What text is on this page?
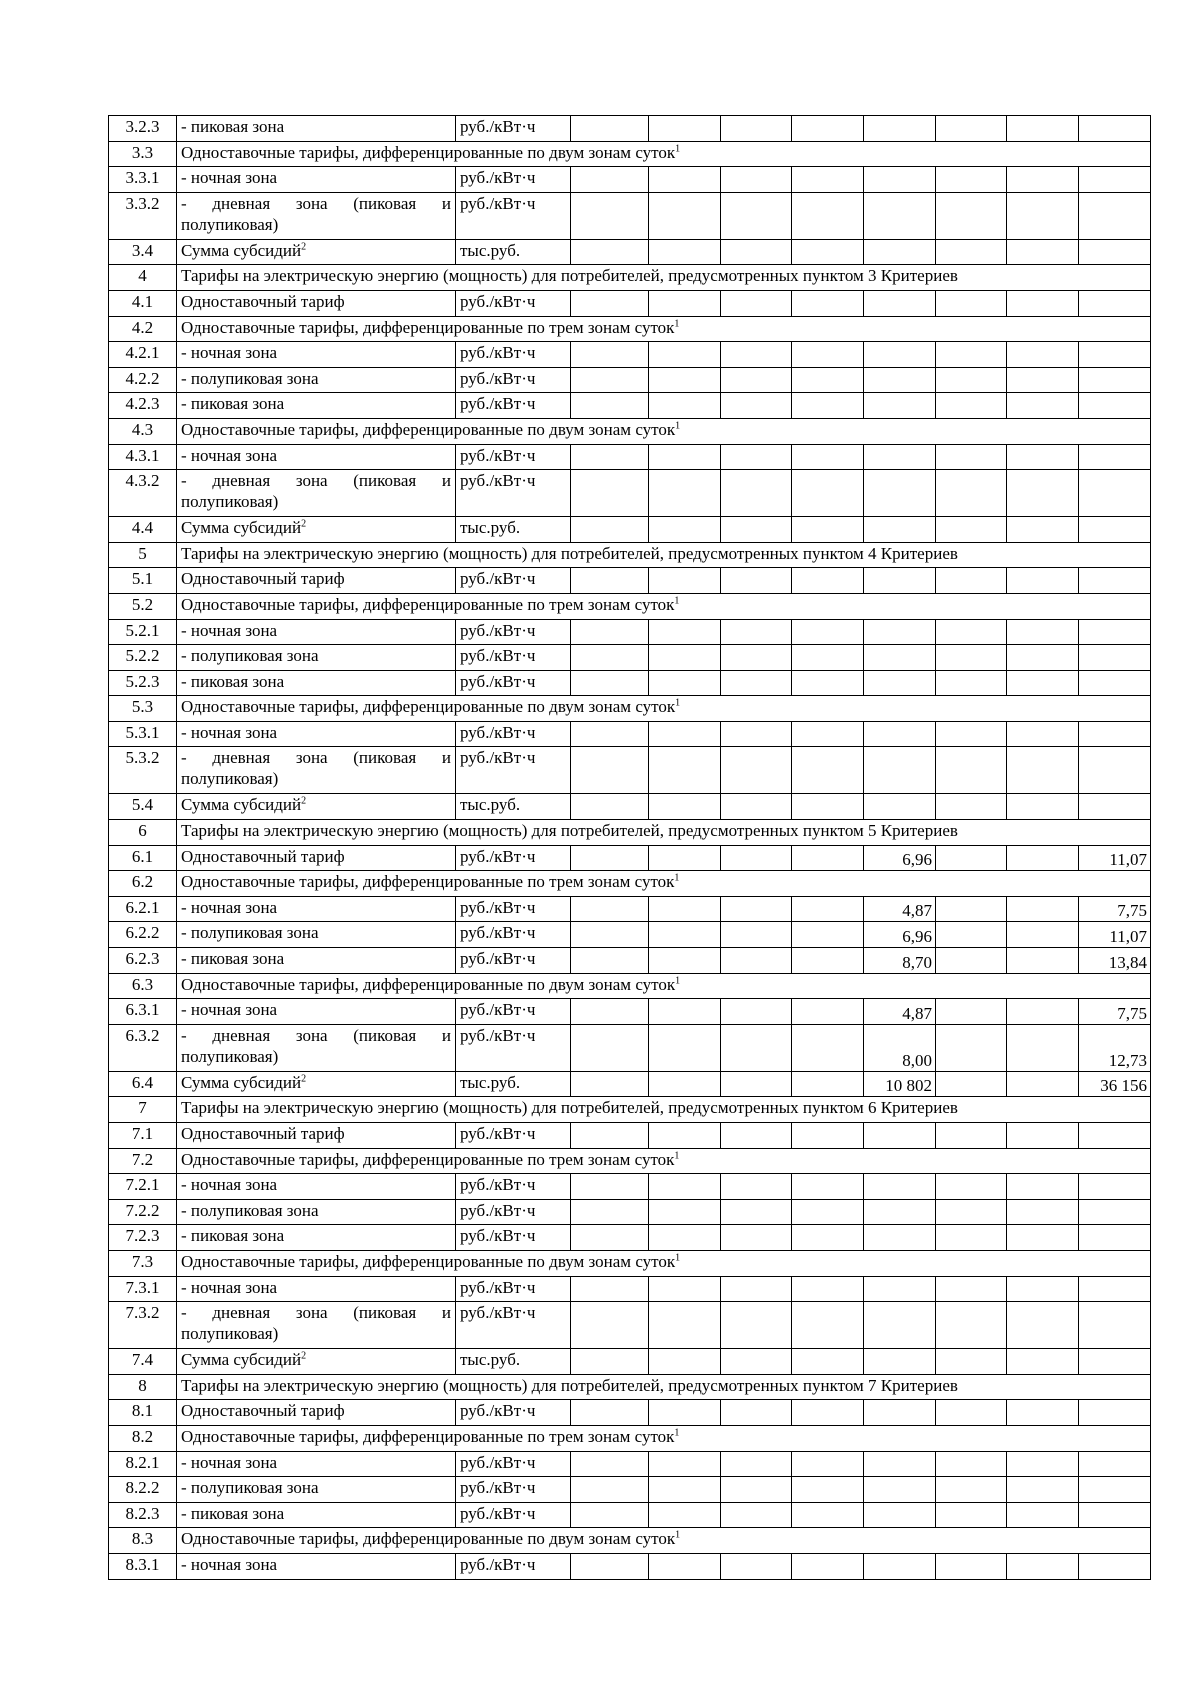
3.2.3	- пиковая зона	руб./кВт·ч								
3.3	Одноставочные тарифы, дифференцированные по двум зонам суток$^1$
3.3.1	- ночная зона	руб./кВт·ч								
3.3.2	- дневная зона (пиковая и полупиковая)	руб./кВт·ч								
3.4	Сумма субсидий$^2$	тыс.руб.								
4	Тарифы на электрическую энергию (мощность) для потребителей, предусмотренных пунктом 3 Критериев									
4.1	Одноставочный тариф	руб./кВт·ч								
4.2	Одноставочные тарифы, дифференцированные по трем зонам суток$^1$
4.2.1	- ночная зона	руб./кВт·ч								
4.2.2	- полупиковая зона	руб./кВт·ч								
4.2.3	- пиковая зона	руб./кВт·ч								
4.3	Одноставочные тарифы, дифференцированные по двум зонам суток$^1$
4.3.1	- ночная зона	руб./кВт·ч								
4.3.2	- дневная зона (пиковая и полупиковая)	руб./кВт·ч								
4.4	Сумма субсидий$^2$	тыс.руб.								
5	Тарифы на электрическую энергию (мощность) для потребителей, предусмотренных пунктом 4 Критериев									
5.1	Одноставочный тариф	руб./кВт·ч								
5.2	Одноставочные тарифы, дифференцированные по трем зонам суток$^1$
5.2.1	- ночная зона	руб./кВт·ч								
5.2.2	- полупиковая зона	руб./кВт·ч								
5.2.3	- пиковая зона	руб./кВт·ч								
5.3	Одноставочные тарифы, дифференцированные по двум зонам суток$^1$
5.3.1	- ночная зона	руб./кВт·ч								
5.3.2	- дневная зона (пиковая и полупиковая)	руб./кВт·ч								
5.4	Сумма субсидий$^2$	тыс.руб.								
6	Тарифы на электрическую энергию (мощность) для потребителей, предусмотренных пунктом 5 Критериев									
6.1	Одноставочный тариф	руб./кВт·ч					6,96			11,07
6.2	Одноставочные тарифы, дифференцированные по трем зонам суток$^1$
6.2.1	- ночная зона	руб./кВт·ч					4,87			7,75
6.2.2	- полупиковая зона	руб./кВт·ч					6,96			11,07
6.2.3	- пиковая зона	руб./кВт·ч					8,70			13,84
6.3	Одноставочные тарифы, дифференцированные по двум зонам суток$^1$
6.3.1	- ночная зона	руб./кВт·ч					4,87			7,75
6.3.2	- дневная зона (пиковая и полупиковая)	руб./кВт·ч					8,00			12,73
6.4	Сумма субсидий$^2$	тыс.руб.					10 802			36 156
7	Тарифы на электрическую энергию (мощность) для потребителей, предусмотренных пунктом 6 Критериев									
7.1	Одноставочный тариф	руб./кВт·ч								
7.2	Одноставочные тарифы, дифференцированные по трем зонам суток$^1$
7.2.1	- ночная зона	руб./кВт·ч								
7.2.2	- полупиковая зона	руб./кВт·ч								
7.2.3	- пиковая зона	руб./кВт·ч								
7.3	Одноставочные тарифы, дифференцированные по двум зонам суток$^1$
7.3.1	- ночная зона	руб./кВт·ч								
7.3.2	- дневная зона (пиковая и полупиковая)	руб./кВт·ч								
7.4	Сумма субсидий$^2$	тыс.руб.								
8	Тарифы на электрическую энергию (мощность) для потребителей, предусмотренных пунктом 7 Критериев									
8.1	Одноставочный тариф	руб./кВт·ч								
8.2	Одноставочные тарифы, дифференцированные по трем зонам суток$^1$
8.2.1	- ночная зона	руб./кВт·ч								
8.2.2	- полупиковая зона	руб./кВт·ч								
8.2.3	- пиковая зона	руб./кВт·ч								
8.3	Одноставочные тарифы, дифференцированные по двум зонам суток$^1$
8.3.1	- ночная зона	руб./кВт·ч								
